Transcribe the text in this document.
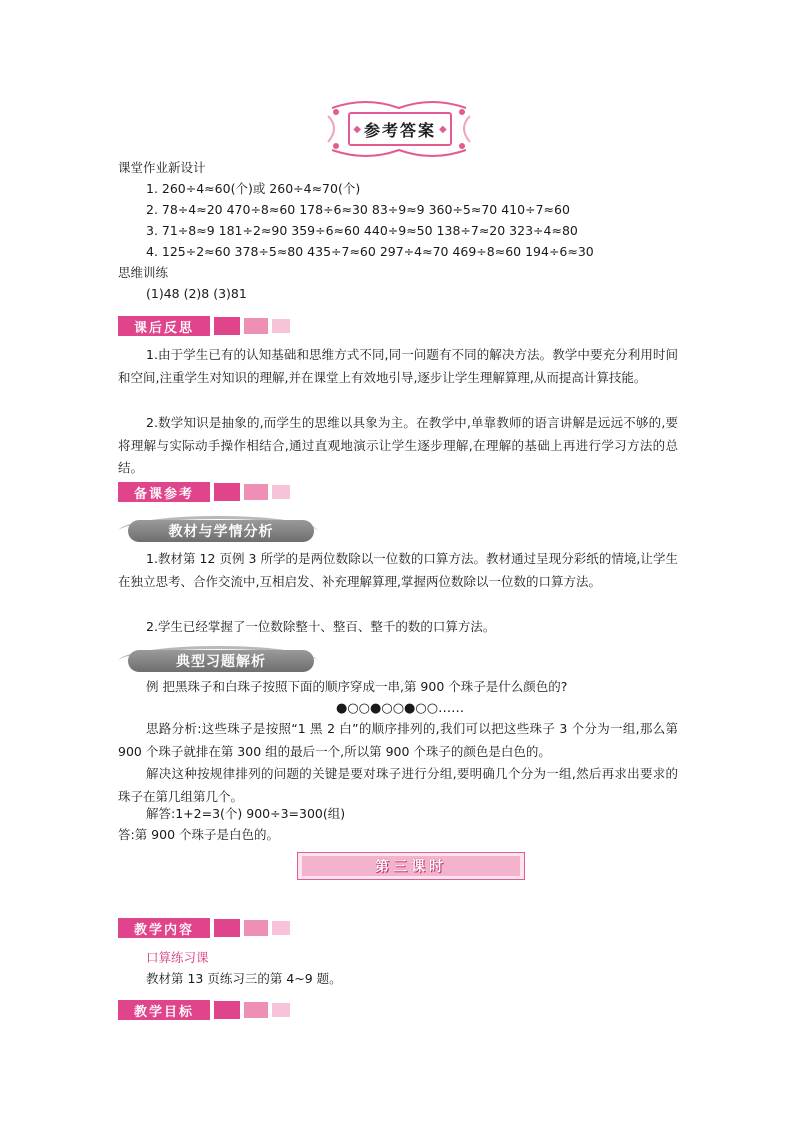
◆ 参考答案 ◆
课堂作业新设计
1. 260÷4≈60(个)或 260÷4≈70(个)
2. 78÷4≈20 470÷8≈60 178÷6≈30 83÷9≈9 360÷5≈70 410÷7≈60
3. 71÷8≈9 181÷2≈90 359÷6≈60 440÷9≈50 138÷7≈20 323÷4≈80
4. 125÷2≈60 378÷5≈80 435÷7≈60 297÷4≈70 469÷8≈60 194÷6≈30
思维训练
(1)48 (2)8 (3)81
课后反思
1.由于学生已有的认知基础和思维方式不同,同一问题有不同的解决方法。教学中要充分利用时间和空间,注重学生对知识的理解,并在课堂上有效地引导,逐步让学生理解算理,从而提高计算技能。
2.数学知识是抽象的,而学生的思维以具象为主。在教学中,单靠教师的语言讲解是远远不够的,要将理解与实际动手操作相结合,通过直观地演示让学生逐步理解,在理解的基础上再进行学习方法的总结。
备课参考
教材与学情分析
1.教材第 12 页例 3 所学的是两位数除以一位数的口算方法。教材通过呈现分彩纸的情境,让学生在独立思考、合作交流中,互相启发、补充理解算理,掌握两位数除以一位数的口算方法。
2.学生已经掌握了一位数除整十、整百、整千的数的口算方法。
典型习题解析
例 把黑珠子和白珠子按照下面的顺序穿成一串,第 900 个珠子是什么颜色的?
●○○●○○●○○……
思路分析:这些珠子是按照“1 黑 2 白”的顺序排列的,我们可以把这些珠子 3 个分为一组,那么第 900 个珠子就排在第 300 组的最后一个,所以第 900 个珠子的颜色是白色的。
解决这种按规律排列的问题的关键是要对珠子进行分组,要明确几个分为一组,然后再求出要求的珠子在第几组第几个。
解答:1+2=3(个) 900÷3=300(组)
答:第 900 个珠子是白色的。
第三课时
教学内容
口算练习课
教材第 13 页练习三的第 4~9 题。
教学目标
